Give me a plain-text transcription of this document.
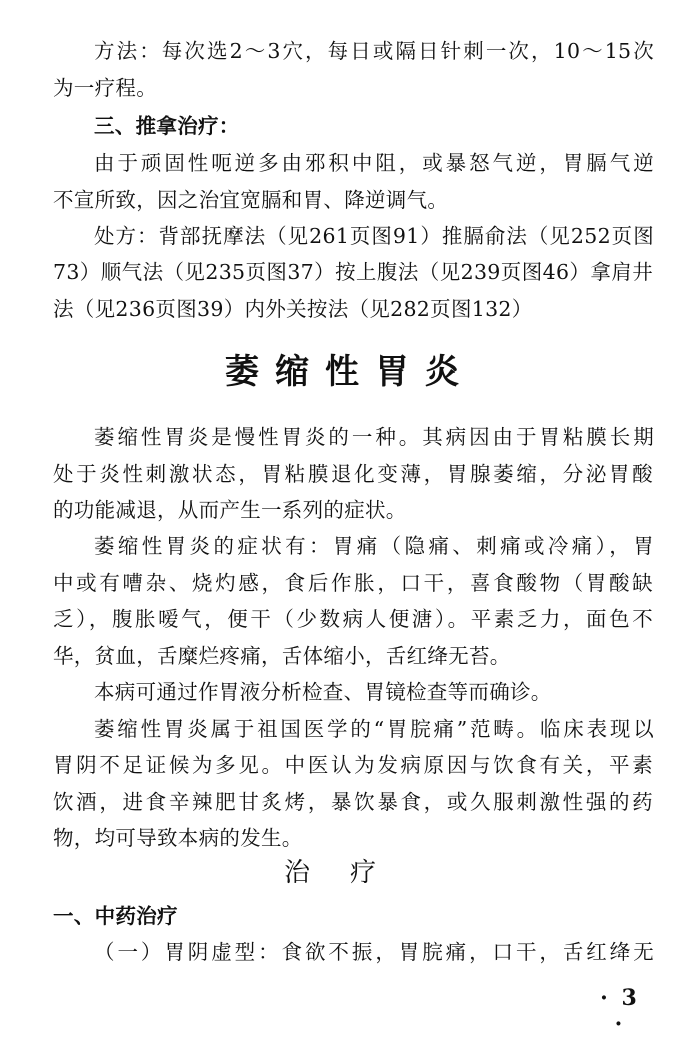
方法：每次选2～3穴，每日或隔日针刺一次，10～15次
为一疗程。
三、推拿治疗：
由于顽固性呃逆多由邪积中阻，或暴怒气逆，胃膈气逆
不宣所致，因之治宜宽膈和胃、降逆调气。
处方：背部抚摩法（见261页图91）推膈俞法（见252页图
73）顺气法（见235页图37）按上腹法（见239页图46）拿肩井
法（见236页图39）内外关按法（见282页图132）
萎缩性胃炎
萎缩性胃炎是慢性胃炎的一种。其病因由于胃粘膜长期
处于炎性刺激状态，胃粘膜退化变薄，胃腺萎缩，分泌胃酸
的功能减退，从而产生一系列的症状。
萎缩性胃炎的症状有：胃痛（隐痛、刺痛或冷痛），胃
中或有嘈杂、烧灼感，食后作胀，口干，喜食酸物（胃酸缺
乏），腹胀嗳气，便干（少数病人便溏）。平素乏力，面色不
华，贫血，舌糜烂疼痛，舌体缩小，舌红绛无苔。
本病可通过作胃液分析检查、胃镜检查等而确诊。
萎缩性胃炎属于祖国医学的“胃脘痛”范畴。临床表现以
胃阴不足证候为多见。中医认为发病原因与饮食有关，平素
饮酒，进食辛辣肥甘炙烤，暴饮暴食，或久服刺激性强的药
物，均可导致本病的发生。
治疗
一、中药治疗
（一）胃阴虚型：食欲不振，胃脘痛，口干，舌红绛无
· 3 ·
